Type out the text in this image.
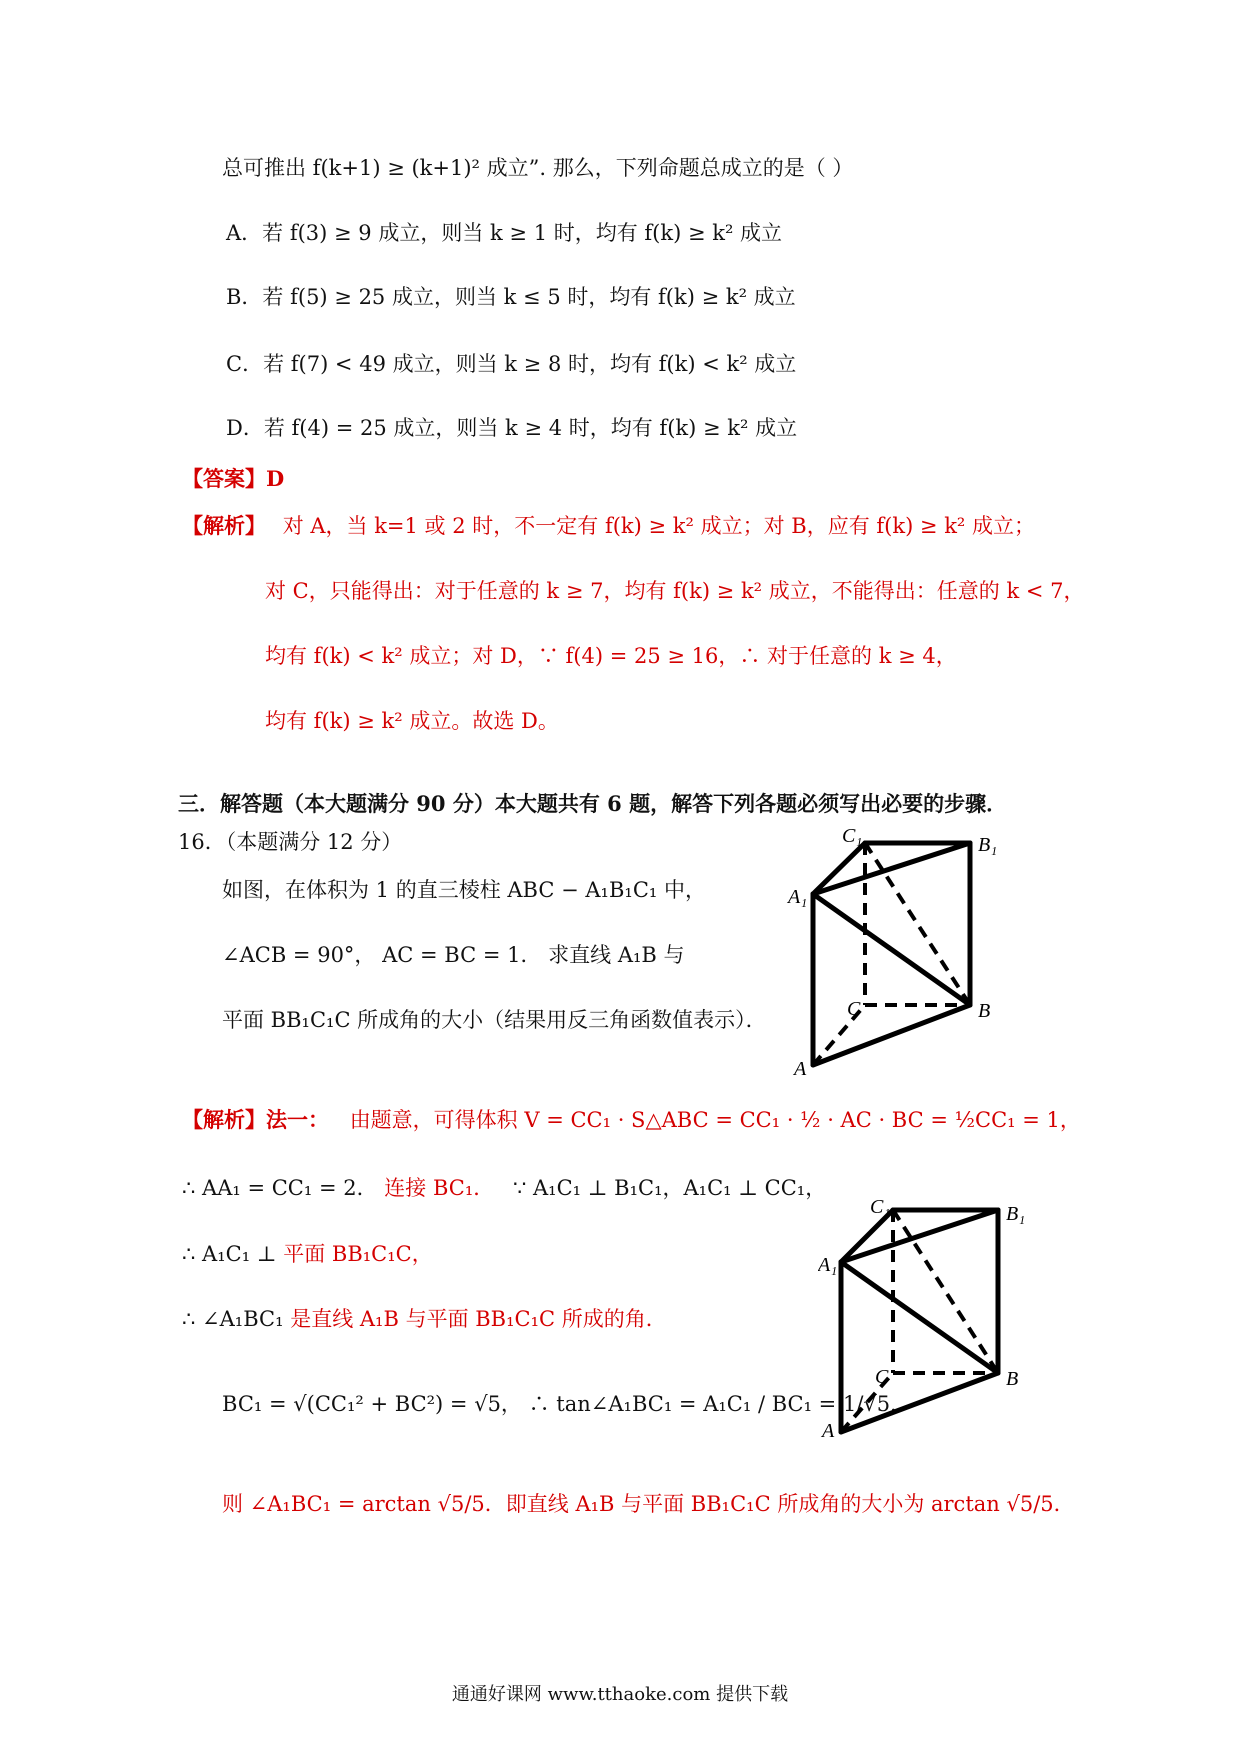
总可推出 f(k+1) ≥ (k+1)² 成立”. 那么，下列命题总成立的是（ ）
A．若 f(3) ≥ 9 成立，则当 k ≥ 1 时，均有 f(k) ≥ k² 成立
B．若 f(5) ≥ 25 成立，则当 k ≤ 5 时，均有 f(k) ≥ k² 成立
C．若 f(7) < 49 成立，则当 k ≥ 8 时，均有 f(k) < k² 成立
D．若 f(4) = 25 成立，则当 k ≥ 4 时，均有 f(k) ≥ k² 成立
【答案】D
【解析】 对 A，当 k=1 或 2 时，不一定有 f(k) ≥ k² 成立；对 B，应有 f(k) ≥ k² 成立；
对 C，只能得出：对于任意的 k ≥ 7，均有 f(k) ≥ k² 成立，不能得出：任意的 k < 7，
均有 f(k) < k² 成立；对 D，∵ f(4) = 25 ≥ 16，∴ 对于任意的 k ≥ 4，
均有 f(k) ≥ k² 成立。故选 D。
三．解答题（本大题满分 90 分）本大题共有 6 题，解答下列各题必须写出必要的步骤．
16．（本题满分 12 分）
如图，在体积为 1 的直三棱柱 ABC − A₁B₁C₁ 中，
∠ACB = 90°， AC = BC = 1． 求直线 A₁B 与
平面 BB₁C₁C 所成角的大小（结果用反三角函数值表示）．
C₁	B₁
A₁
C	B
A
【解析】法一： 由题意，可得体积 V = CC₁ · S△ABC = CC₁ · ½ · AC · BC = ½CC₁ = 1，
∴ AA₁ = CC₁ = 2． 连接 BC₁． ∵ A₁C₁ ⊥ B₁C₁，A₁C₁ ⊥ CC₁，
∴ A₁C₁ ⊥ 平面 BB₁C₁C，
∴ ∠A₁BC₁ 是直线 A₁B 与平面 BB₁C₁C 所成的角．
BC₁ = √(CC₁² + BC²) = √5， ∴ tan∠A₁BC₁ = A₁C₁ / BC₁ = 1/√5，
则 ∠A₁BC₁ = arctan √5/5．即直线 A₁B 与平面 BB₁C₁C 所成角的大小为 arctan √5/5．
C₁	B₁
A₁
C	B
A
通通好课网 www.tthaoke.com 提供下载
